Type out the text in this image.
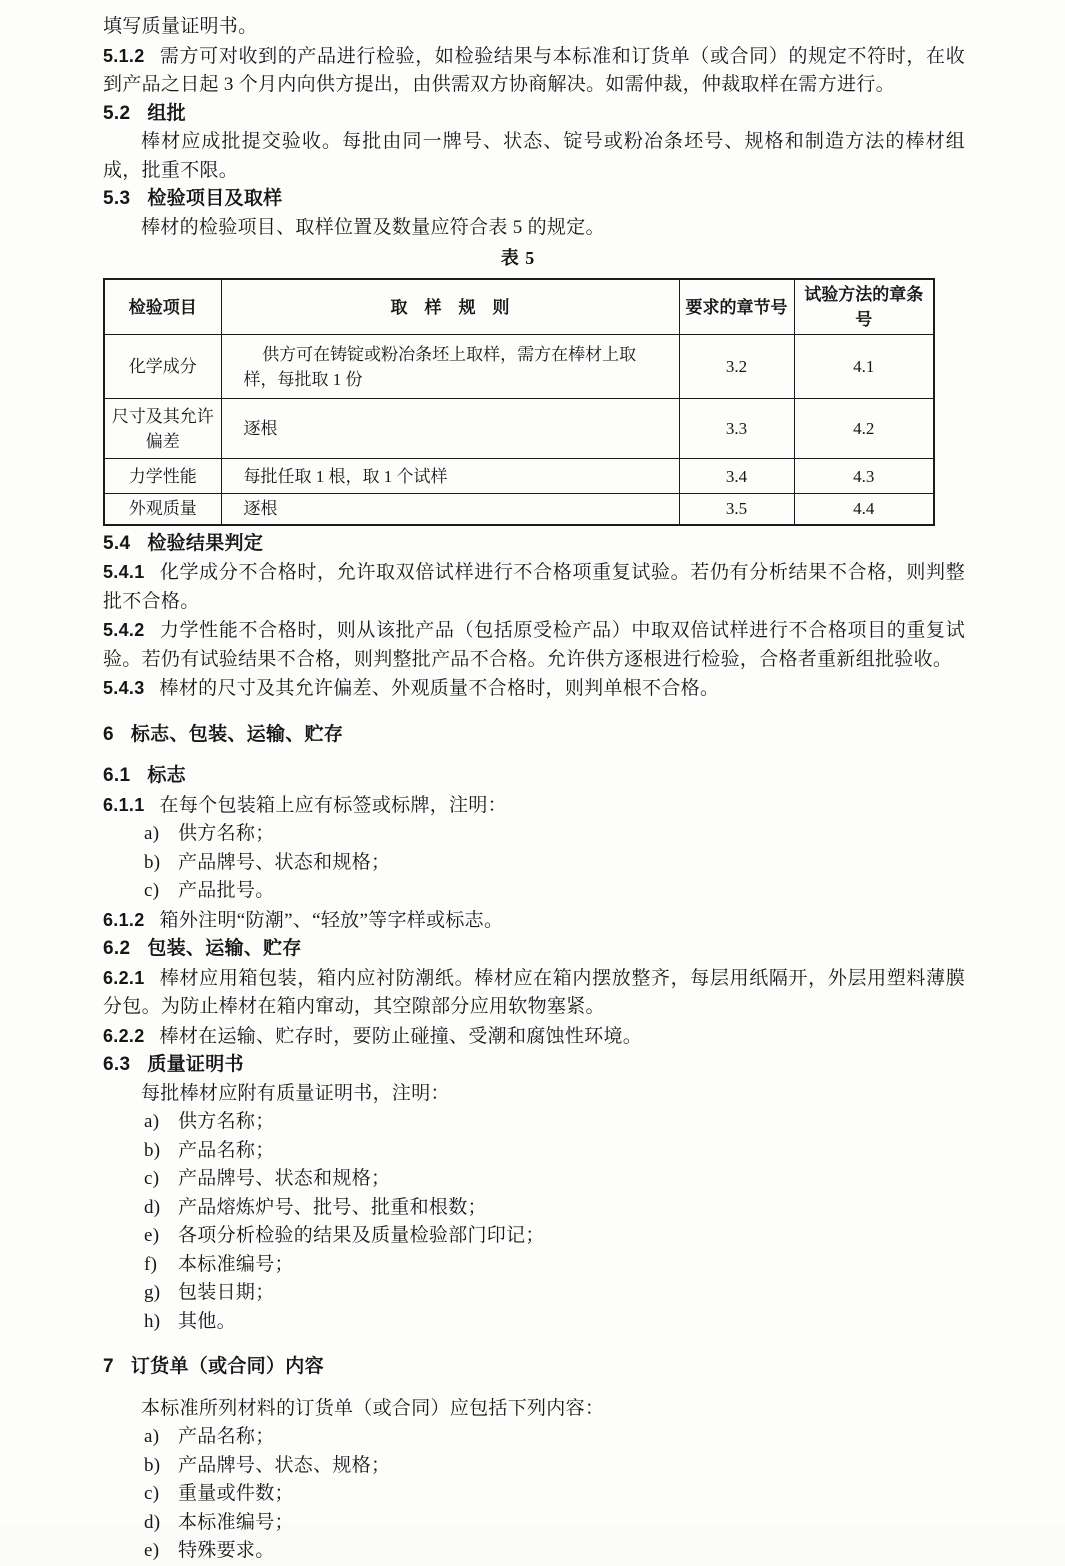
填写质量证明书。

5.1.2 需方可对收到的产品进行检验，如检验结果与本标准和订货单（或合同）的规定不符时，在收到产品之日起 3 个月内向供方提出，由供需双方协商解决。如需仲裁，仲裁取样在需方进行。

5.2 组批

棒材应成批提交验收。每批由同一牌号、状态、锭号或粉冶条坯号、规格和制造方法的棒材组成，批重不限。

5.3 检验项目及取样

棒材的检验项目、取样位置及数量应符合表 5 的规定。

表 5
检验项目	取　样　规　则	要求的章节号	试验方法的章条号
化学成分	供方可在铸锭或粉冶条坯上取样，需方在棒材上取样，每批取 1 份	3.2	4.1
尺寸及其允许偏差	逐根	3.3	4.2
力学性能	每批任取 1 根，取 1 个试样	3.4	4.3
外观质量	逐根	3.5	4.4

5.4 检验结果判定

5.4.1 化学成分不合格时，允许取双倍试样进行不合格项重复试验。若仍有分析结果不合格，则判整批不合格。

5.4.2 力学性能不合格时，则从该批产品（包括原受检产品）中取双倍试样进行不合格项目的重复试验。若仍有试验结果不合格，则判整批产品不合格。允许供方逐根进行检验，合格者重新组批验收。

5.4.3 棒材的尺寸及其允许偏差、外观质量不合格时，则判单根不合格。

6 标志、包装、运输、贮存

6.1 标志

6.1.1 在每个包装箱上应有标签或标牌，注明：

a) 供方名称；

b) 产品牌号、状态和规格；

c) 产品批号。

6.1.2 箱外注明“防潮”、“轻放”等字样或标志。

6.2 包装、运输、贮存

6.2.1 棒材应用箱包装，箱内应衬防潮纸。棒材应在箱内摆放整齐，每层用纸隔开，外层用塑料薄膜分包。为防止棒材在箱内窜动，其空隙部分应用软物塞紧。

6.2.2 棒材在运输、贮存时，要防止碰撞、受潮和腐蚀性环境。

6.3 质量证明书

每批棒材应附有质量证明书，注明：

a) 供方名称；

b) 产品名称；

c) 产品牌号、状态和规格；

d) 产品熔炼炉号、批号、批重和根数；

e) 各项分析检验的结果及质量检验部门印记；

f) 本标准编号；

g) 包装日期；

h) 其他。

7 订货单（或合同）内容

本标准所列材料的订货单（或合同）应包括下列内容：

a) 产品名称；

b) 产品牌号、状态、规格；

c) 重量或件数；

d) 本标准编号；

e) 特殊要求。
